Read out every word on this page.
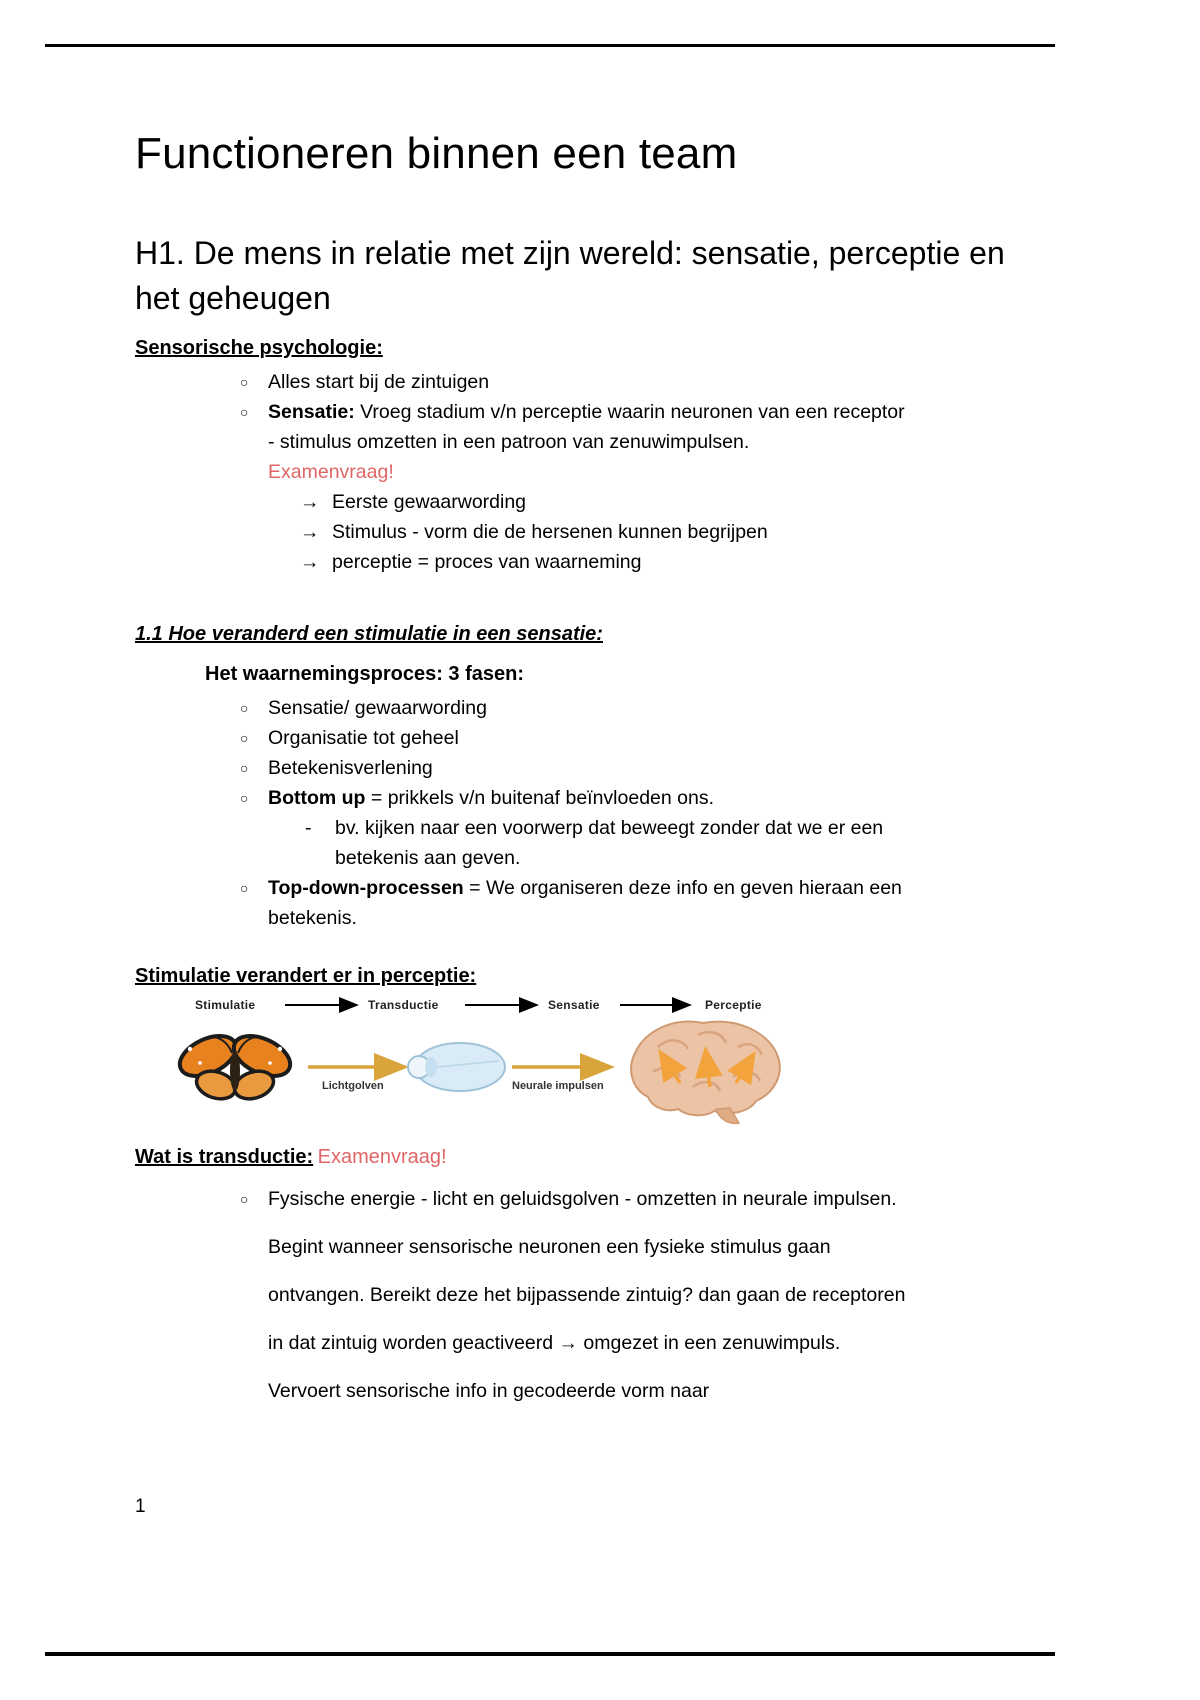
Functioneren binnen een team
H1. De mens in relatie met zijn wereld: sensatie, perceptie en het geheugen
Sensorische psychologie:
○	Alles start bij de zintuigen
○	Sensatie: Vroeg stadium v/n perceptie waarin neuronen van een receptor - stimulus omzetten in een patroon van zenuwimpulsen.
Examenvraag!
→ Eerste gewaarwording
→ Stimulus - vorm die de hersenen kunnen begrijpen
→ perceptie = proces van waarneming
1.1 Hoe veranderd een stimulatie in een sensatie:
Het waarnemingsproces: 3 fasen:
○	Sensatie/ gewaarwording
○	Organisatie tot geheel
○	Betekenisverlening
○	Bottom up = prikkels v/n buitenaf beïnvloeden ons.
-	bv. kijken naar een voorwerp dat beweegt zonder dat we er een betekenis aan geven.
○	Top-down-processen = We organiseren deze info en geven hieraan een betekenis.
Stimulatie verandert er in perceptie:
Stimulatie	Transductie	Sensatie	Perceptie
Lichtgolven	Neurale impulsen
Wat is transductie: Examenvraag!
○	Fysische energie - licht en geluidsgolven - omzetten in neurale impulsen. Begint wanneer sensorische neuronen een fysieke stimulus gaan ontvangen. Bereikt deze het bijpassende zintuig? dan gaan de receptoren in dat zintuig worden geactiveerd → omgezet in een zenuwimpuls. Vervoert sensorische info in gecodeerde vorm naar
1
